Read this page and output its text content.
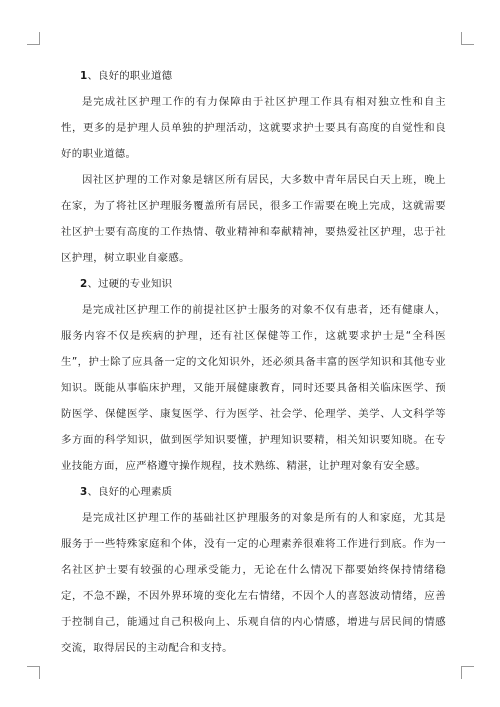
1、良好的职业道德

是完成社区护理工作的有力保障由于社区护理工作具有相对独立性和自主性，更多的是护理人员单独的护理活动，这就要求护士要具有高度的自觉性和良好的职业道德。

因社区护理的工作对象是辖区所有居民，大多数中青年居民白天上班，晚上在家，为了将社区护理服务覆盖所有居民，很多工作需要在晚上完成，这就需要社区护士要有高度的工作热情、敬业精神和奉献精神，要热爱社区护理，忠于社区护理，树立职业自豪感。

2、过硬的专业知识

是完成社区护理工作的前提社区护士服务的对象不仅有患者，还有健康人，服务内容不仅是疾病的护理，还有社区保健等工作，这就要求护士是“全科医生”，护士除了应具备一定的文化知识外，还必须具备丰富的医学知识和其他专业知识。既能从事临床护理，又能开展健康教育，同时还要具备相关临床医学、预防医学、保健医学、康复医学、行为医学、社会学、伦理学、美学、人文科学等多方面的科学知识，做到医学知识要懂，护理知识要精，相关知识要知晓。在专业技能方面，应严格遵守操作规程，技术熟练、精湛，让护理对象有安全感。

3、良好的心理素质

是完成社区护理工作的基础社区护理服务的对象是所有的人和家庭，尤其是服务于一些特殊家庭和个体，没有一定的心理素养很难将工作进行到底。作为一名社区护士要有较强的心理承受能力，无论在什么情况下都要始终保持情绪稳定，不急不躁，不因外界环境的变化左右情绪，不因个人的喜怒波动情绪，应善于控制自己，能通过自己积极向上、乐观自信的内心情感，增进与居民间的情感交流，取得居民的主动配合和支持。
